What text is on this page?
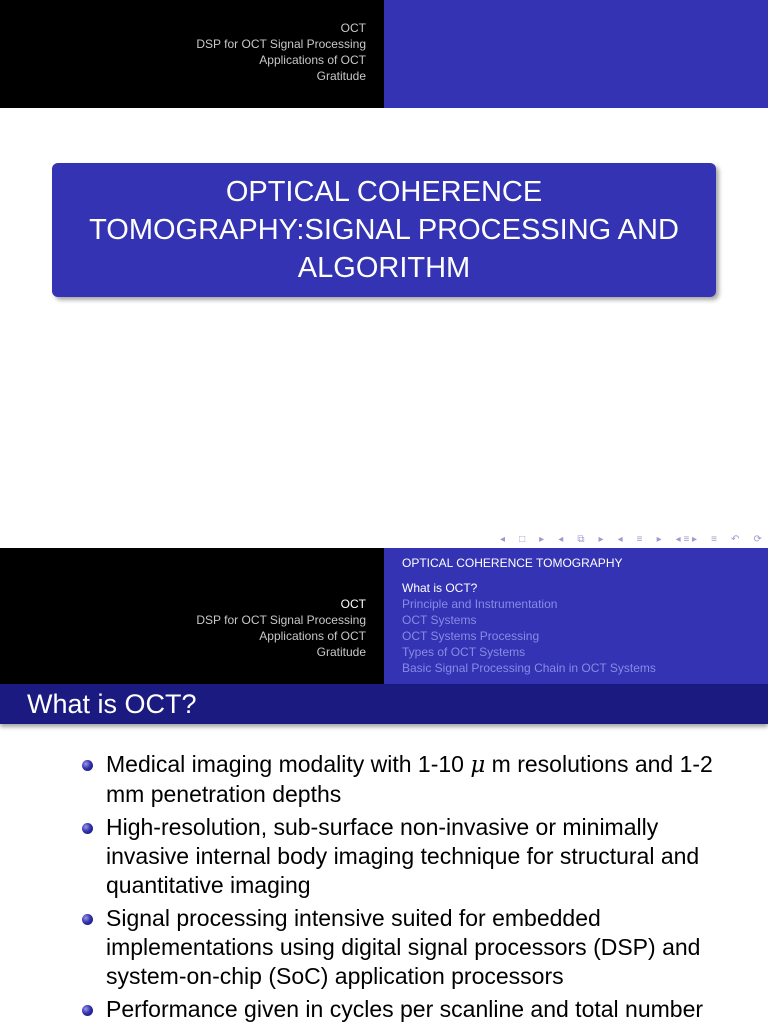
OCT
DSP for OCT Signal Processing
Applications of OCT
Gratitude
OPTICAL COHERENCE TOMOGRAPHY:SIGNAL PROCESSING AND ALGORITHM
◂ □ ▸ ◂ ⧉ ▸ ◂ ≡ ▸ ◂ ≡ ▸ ≡ ↶ ⟳
OCT
DSP for OCT Signal Processing
Applications of OCT
Gratitude
OPTICAL COHERENCE TOMOGRAPHY
What is OCT?
Principle and Instrumentation
OCT Systems
OCT Systems Processing
Types of OCT Systems
Basic Signal Processing Chain in OCT Systems
What is OCT?
Medical imaging modality with 1-10 μ m resolutions and 1-2 mm penetration depths
High-resolution, sub-surface non-invasive or minimally invasive internal body imaging technique for structural and quantitative imaging
Signal processing intensive suited for embedded implementations using digital signal processors (DSP) and system-on-chip (SoC) application processors
Performance given in cycles per scanline and total number
